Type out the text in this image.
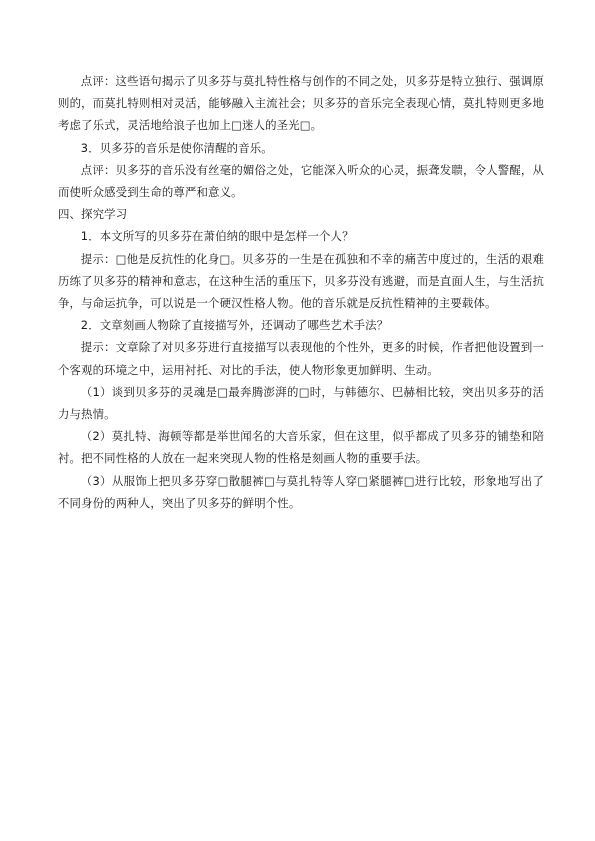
点评：这些语句揭示了贝多芬与莫扎特性格与创作的不同之处，贝多芬是特立独行、强调原则的，而莫扎特则相对灵活，能够融入主流社会；贝多芬的音乐完全表现心情，莫扎特则更多地考虑了乐式，灵活地给浪子也加上□迷人的圣光□。

3．贝多芬的音乐是使你清醒的音乐。

点评：贝多芬的音乐没有丝毫的媚俗之处，它能深入听众的心灵，振聋发聩，令人警醒，从而使听众感受到生命的尊严和意义。

四、探究学习

1．本文所写的贝多芬在萧伯纳的眼中是怎样一个人？

提示：□他是反抗性的化身□。贝多芬的一生是在孤独和不幸的痛苦中度过的，生活的艰难历练了贝多芬的精神和意志，在这种生活的重压下，贝多芬没有逃避，而是直面人生，与生活抗争，与命运抗争，可以说是一个硬汉性格人物。他的音乐就是反抗性精神的主要载体。

2．文章刻画人物除了直接描写外，还调动了哪些艺术手法？

提示：文章除了对贝多芬进行直接描写以表现他的个性外，更多的时候，作者把他设置到一个客观的环境之中，运用衬托、对比的手法，使人物形象更加鲜明、生动。

（1）谈到贝多芬的灵魂是□最奔腾澎湃的□时，与韩德尔、巴赫相比较，突出贝多芬的活力与热情。

（2）莫扎特、海顿等都是举世闻名的大音乐家，但在这里，似乎都成了贝多芬的铺垫和陪衬。把不同性格的人放在一起来突现人物的性格是刻画人物的重要手法。

（3）从服饰上把贝多芬穿□散腿裤□与莫扎特等人穿□紧腿裤□进行比较，形象地写出了不同身份的两种人，突出了贝多芬的鲜明个性。
